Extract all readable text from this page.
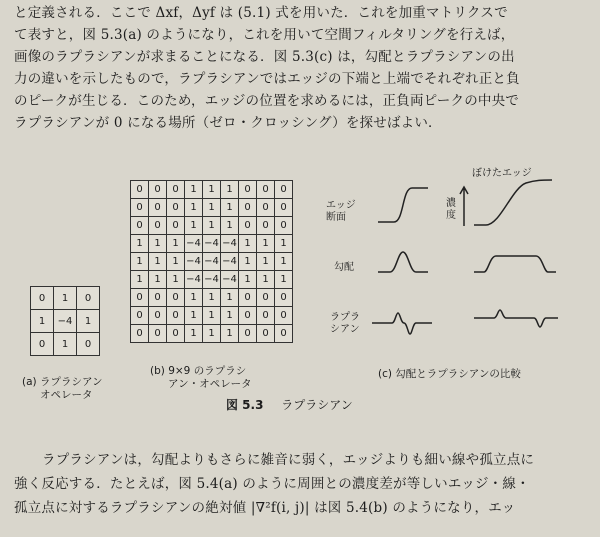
と定義される．ここで Δxf，Δyf は (5.1) 式を用いた．これを加重マトリクスで
て表すと，図 5.3(a) のようになり，これを用いて空間フィルタリングを行えば，
画像のラプラシアンが求まることになる．図 5.3(c) は，勾配とラプラシアンの出
力の違いを示したもので，ラプラシアンではエッジの下端と上端でそれぞれ正と負
のピークが生じる．このため，エッジの位置を求めるには，正負両ピークの中央で
ラプラシアンが 0 になる場所（ゼロ・クロッシング）を探せばよい．
0	1	0
1	−4	1
0	1	0
0	0	0	1	1	1	0	0	0
0	0	0	1	1	1	0	0	0
0	0	0	1	1	1	0	0	0
1	1	1	−4	−4	−4	1	1	1
1	1	1	−4	−4	−4	1	1	1
1	1	1	−4	−4	−4	1	1	1
0	0	0	1	1	1	0	0	0
0	0	0	1	1	1	0	0	0
0	0	0	1	1	1	0	0	0
(a) ラプラシアン
オペレータ
(b) 9×9 のラプラシ
アン・オペレータ
(c) 勾配とラプラシアンの比較
図 5.3 ラプラシアン
エッジ
断面
ぼけたエッジ
濃
度
勾配
ラプラ
シアン
ラプラシアンは，勾配よりもさらに雑音に弱く，エッジよりも細い線や孤立点に
強く反応する．たとえば，図 5.4(a) のように周囲との濃度差が等しいエッジ・線・
孤立点に対するラプラシアンの絶対値 |∇²f(i, j)| は図 5.4(b) のようになり，エッ
